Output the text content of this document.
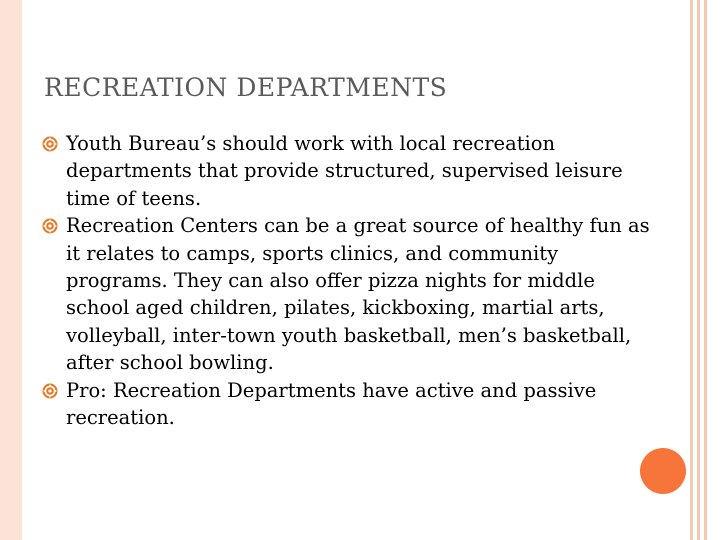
RECREATION DEPARTMENTS
Youth Bureau’s should work with local recreation departments that provide structured, supervised leisure time of teens.
Recreation Centers can be a great source of healthy fun as it relates to camps, sports clinics, and community programs. They can also offer pizza nights for middle school aged children, pilates, kickboxing, martial arts, volleyball, inter-town youth basketball, men’s basketball, after school bowling.
Pro: Recreation Departments have active and passive recreation.
